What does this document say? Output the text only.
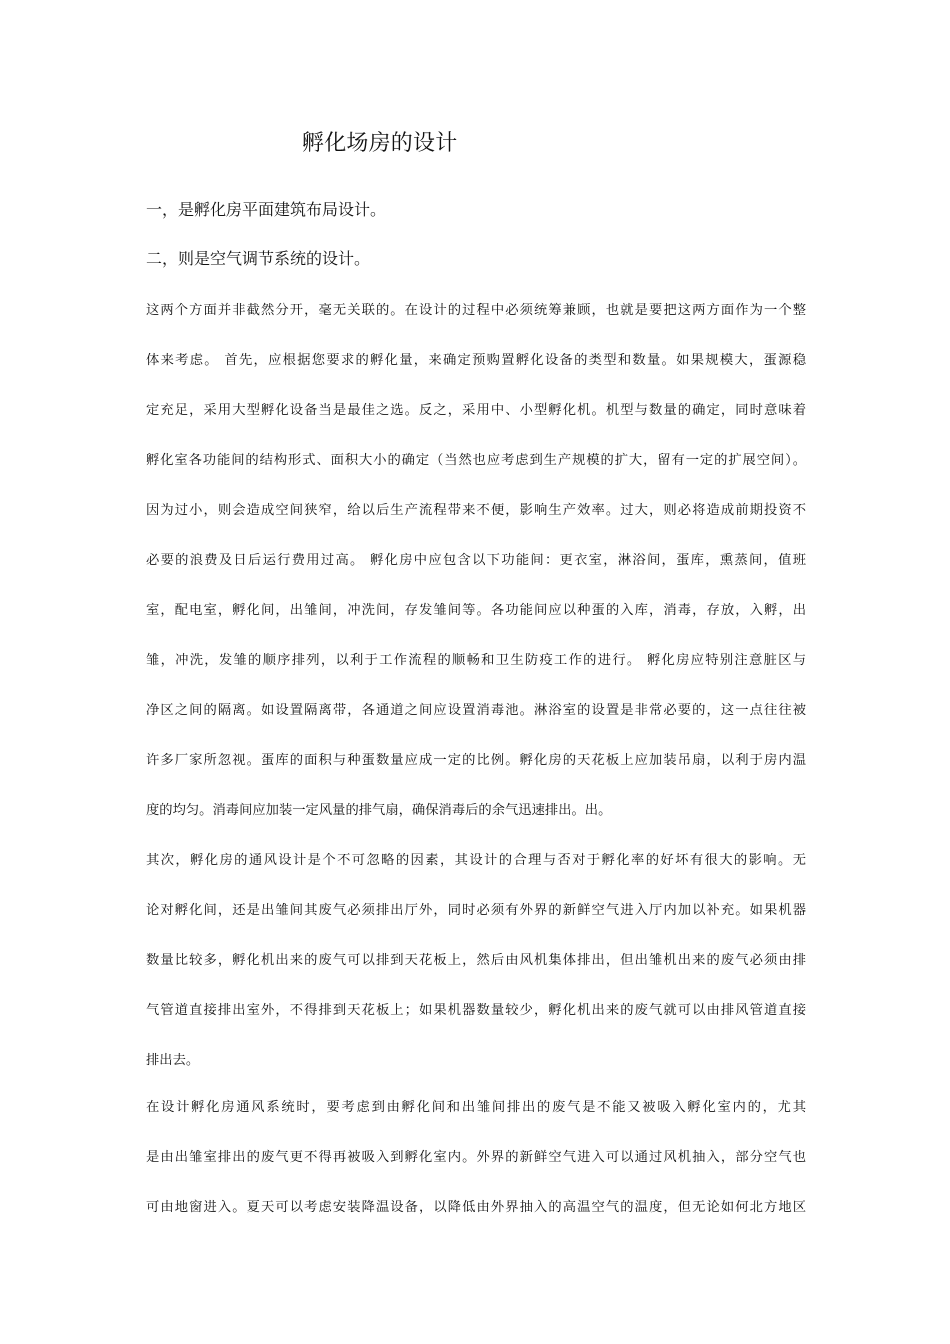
孵化场房的设计
一，是孵化房平面建筑布局设计。
二，则是空气调节系统的设计。
这两个方面并非截然分开，毫无关联的。在设计的过程中必须统筹兼顾，也就是要把这两方面作为一个整
体来考虑。 首先，应根据您要求的孵化量，来确定预购置孵化设备的类型和数量。如果规模大，蛋源稳
定充足，采用大型孵化设备当是最佳之选。反之，采用中、小型孵化机。机型与数量的确定，同时意味着
孵化室各功能间的结构形式、面积大小的确定（当然也应考虑到生产规模的扩大，留有一定的扩展空间）。
因为过小，则会造成空间狭窄，给以后生产流程带来不便，影响生产效率。过大，则必将造成前期投资不
必要的浪费及日后运行费用过高。 孵化房中应包含以下功能间：更衣室，淋浴间，蛋库，熏蒸间，值班
室，配电室，孵化间，出雏间，冲洗间，存发雏间等。各功能间应以种蛋的入库，消毒，存放，入孵，出
雏，冲洗，发雏的顺序排列，以利于工作流程的顺畅和卫生防疫工作的进行。 孵化房应特别注意脏区与
净区之间的隔离。如设置隔离带，各通道之间应设置消毒池。淋浴室的设置是非常必要的，这一点往往被
许多厂家所忽视。蛋库的面积与种蛋数量应成一定的比例。孵化房的天花板上应加装吊扇，以利于房内温
度的均匀。消毒间应加装一定风量的排气扇，确保消毒后的余气迅速排出。出。
其次，孵化房的通风设计是个不可忽略的因素，其设计的合理与否对于孵化率的好坏有很大的影响。无
论对孵化间，还是出雏间其废气必须排出厅外，同时必须有外界的新鲜空气进入厅内加以补充。如果机器
数量比较多，孵化机出来的废气可以排到天花板上，然后由风机集体排出，但出雏机出来的废气必须由排
气管道直接排出室外，不得排到天花板上；如果机器数量较少，孵化机出来的废气就可以由排风管道直接
排出去。
在设计孵化房通风系统时，要考虑到由孵化间和出雏间排出的废气是不能又被吸入孵化室内的，尤其
是由出雏室排出的废气更不得再被吸入到孵化室内。外界的新鲜空气进入可以通过风机抽入，部分空气也
可由地窗进入。夏天可以考虑安装降温设备，以降低由外界抽入的高温空气的温度，但无论如何北方地区
